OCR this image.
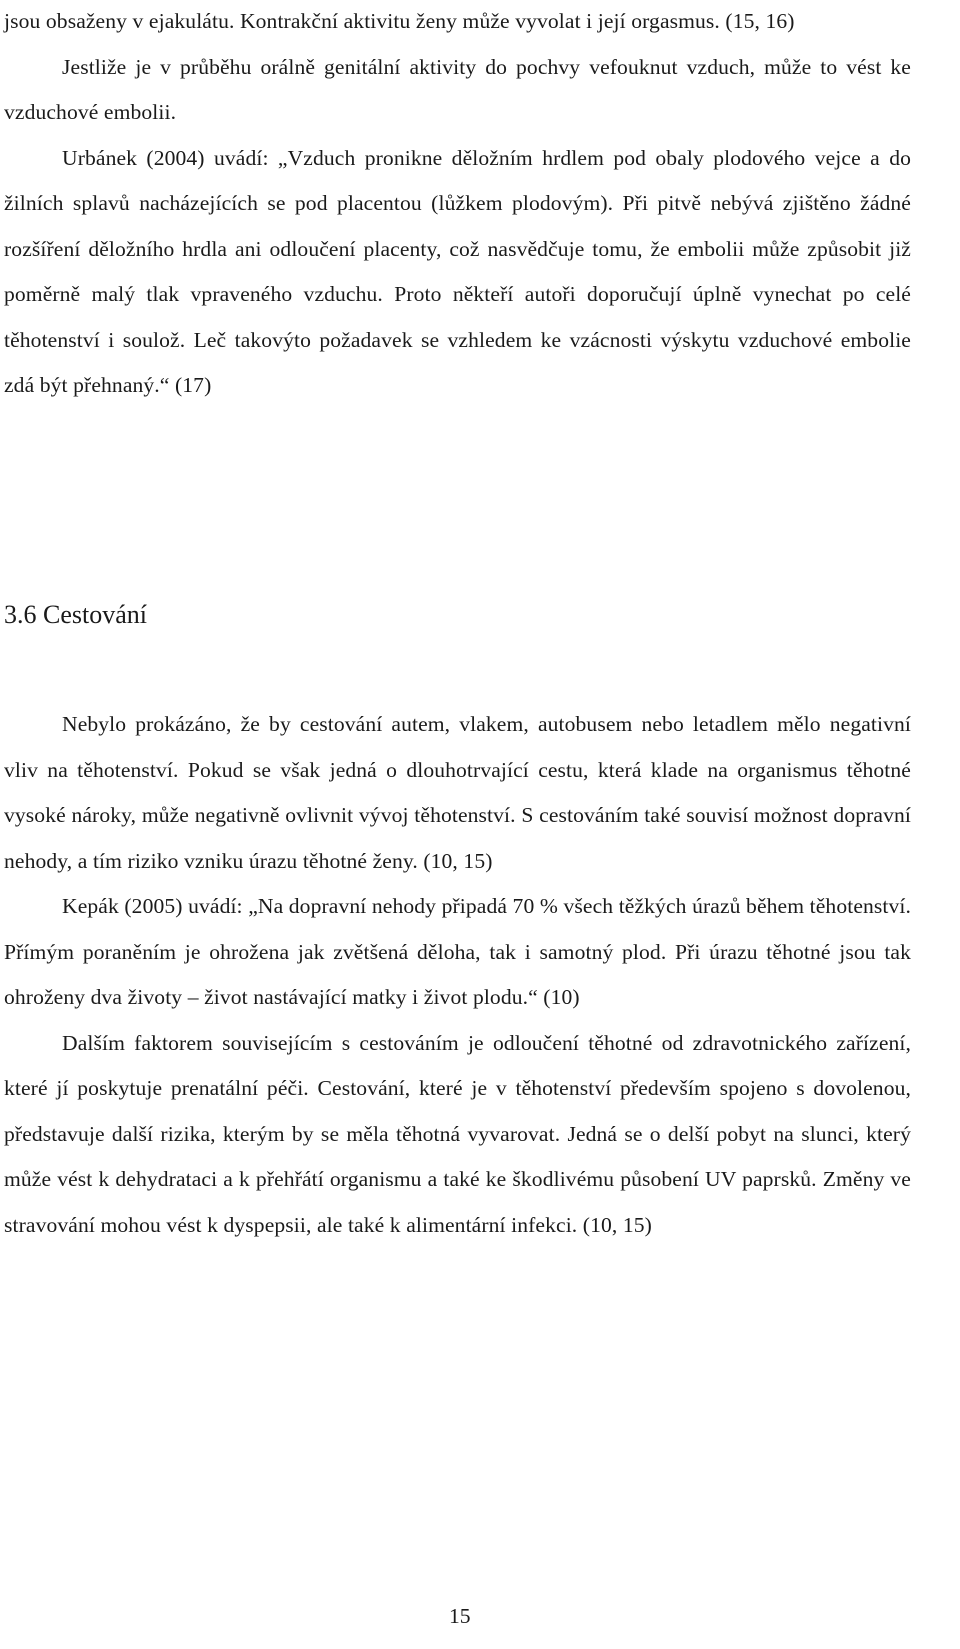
jsou obsaženy v ejakulátu. Kontrakční aktivitu ženy může vyvolat i její orgasmus. (15, 16)

Jestliže je v průběhu orálně genitální aktivity do pochvy vefouknut vzduch, může to vést ke vzduchové embolii.

Urbánek (2004) uvádí: „Vzduch pronikne děložním hrdlem pod obaly plodového vejce a do žilních splavů nacházejících se pod placentou (lůžkem plodovým). Při pitvě nebývá zjištěno žádné rozšíření děložního hrdla ani odloučení placenty, což nasvědčuje tomu, že embolii může způsobit již poměrně malý tlak vpraveného vzduchu. Proto někteří autoři doporučují úplně vynechat po celé těhotenství i soulož. Leč takovýto požadavek se vzhledem ke vzácnosti výskytu vzduchové embolie zdá být přehnaný.“ (17)

3.6 Cestování

Nebylo prokázáno, že by cestování autem, vlakem, autobusem nebo letadlem mělo negativní vliv na těhotenství. Pokud se však jedná o dlouhotrvající cestu, která klade na organismus těhotné vysoké nároky, může negativně ovlivnit vývoj těhotenství. S cestováním také souvisí možnost dopravní nehody, a tím riziko vzniku úrazu těhotné ženy. (10, 15)

Kepák (2005) uvádí: „Na dopravní nehody připadá 70 % všech těžkých úrazů během těhotenství. Přímým poraněním je ohrožena jak zvětšená děloha, tak i samotný plod. Při úrazu těhotné jsou tak ohroženy dva životy – život nastávající matky i život plodu.“ (10)

Dalším faktorem souvisejícím s cestováním je odloučení těhotné od zdravotnického zařízení, které jí poskytuje prenatální péči. Cestování, které je v těhotenství především spojeno s dovolenou, představuje další rizika, kterým by se měla těhotná vyvarovat. Jedná se o delší pobyt na slunci, který může vést k dehydrataci a k přehřátí organismu a také ke škodlivému působení UV paprsků. Změny ve stravování mohou vést k dyspepsii, ale také k alimentární infekci. (10, 15)

15
